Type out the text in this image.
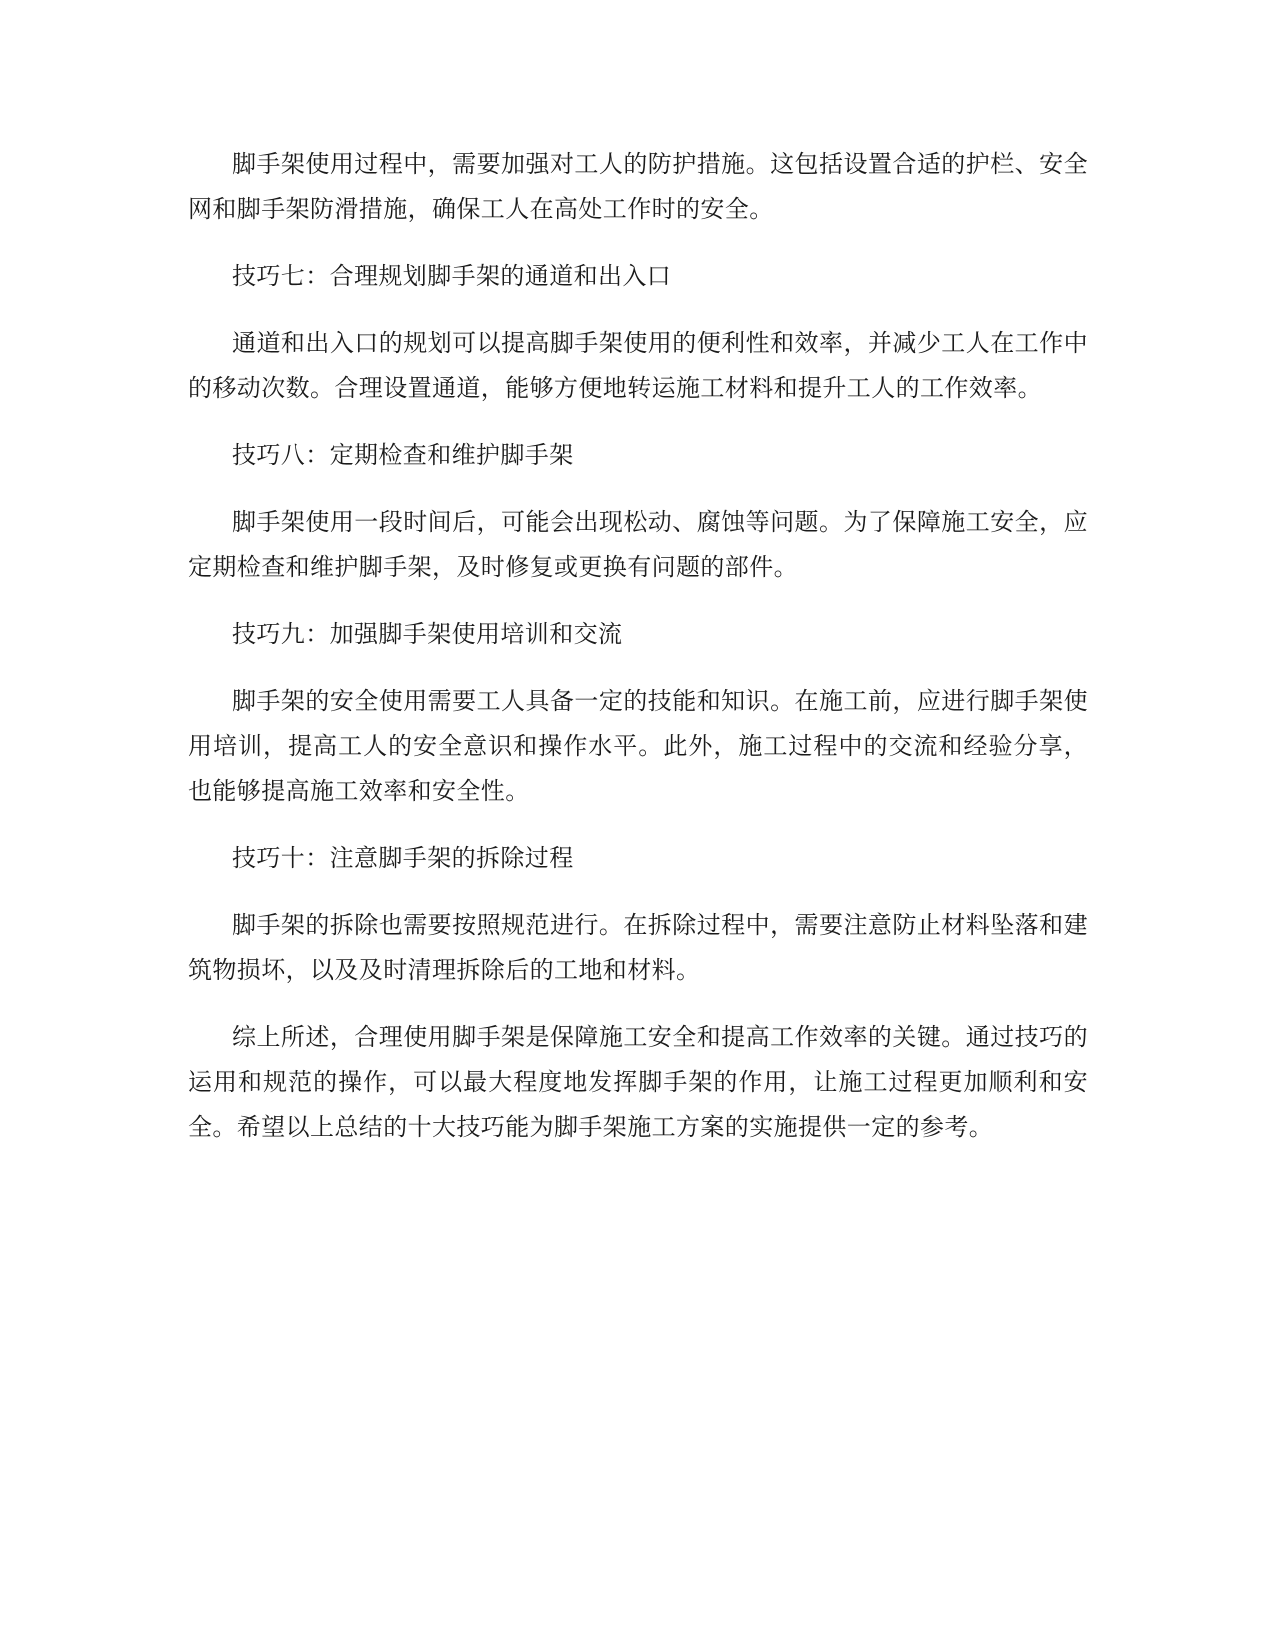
脚手架使用过程中，需要加强对工人的防护措施。这包括设置合适的护栏、安全网和脚手架防滑措施，确保工人在高处工作时的安全。

技巧七：合理规划脚手架的通道和出入口

通道和出入口的规划可以提高脚手架使用的便利性和效率，并减少工人在工作中的移动次数。合理设置通道，能够方便地转运施工材料和提升工人的工作效率。

技巧八：定期检查和维护脚手架

脚手架使用一段时间后，可能会出现松动、腐蚀等问题。为了保障施工安全，应定期检查和维护脚手架，及时修复或更换有问题的部件。

技巧九：加强脚手架使用培训和交流

脚手架的安全使用需要工人具备一定的技能和知识。在施工前，应进行脚手架使用培训，提高工人的安全意识和操作水平。此外，施工过程中的交流和经验分享，也能够提高施工效率和安全性。

技巧十：注意脚手架的拆除过程

脚手架的拆除也需要按照规范进行。在拆除过程中，需要注意防止材料坠落和建筑物损坏，以及及时清理拆除后的工地和材料。

综上所述，合理使用脚手架是保障施工安全和提高工作效率的关键。通过技巧的运用和规范的操作，可以最大程度地发挥脚手架的作用，让施工过程更加顺利和安全。希望以上总结的十大技巧能为脚手架施工方案的实施提供一定的参考。
